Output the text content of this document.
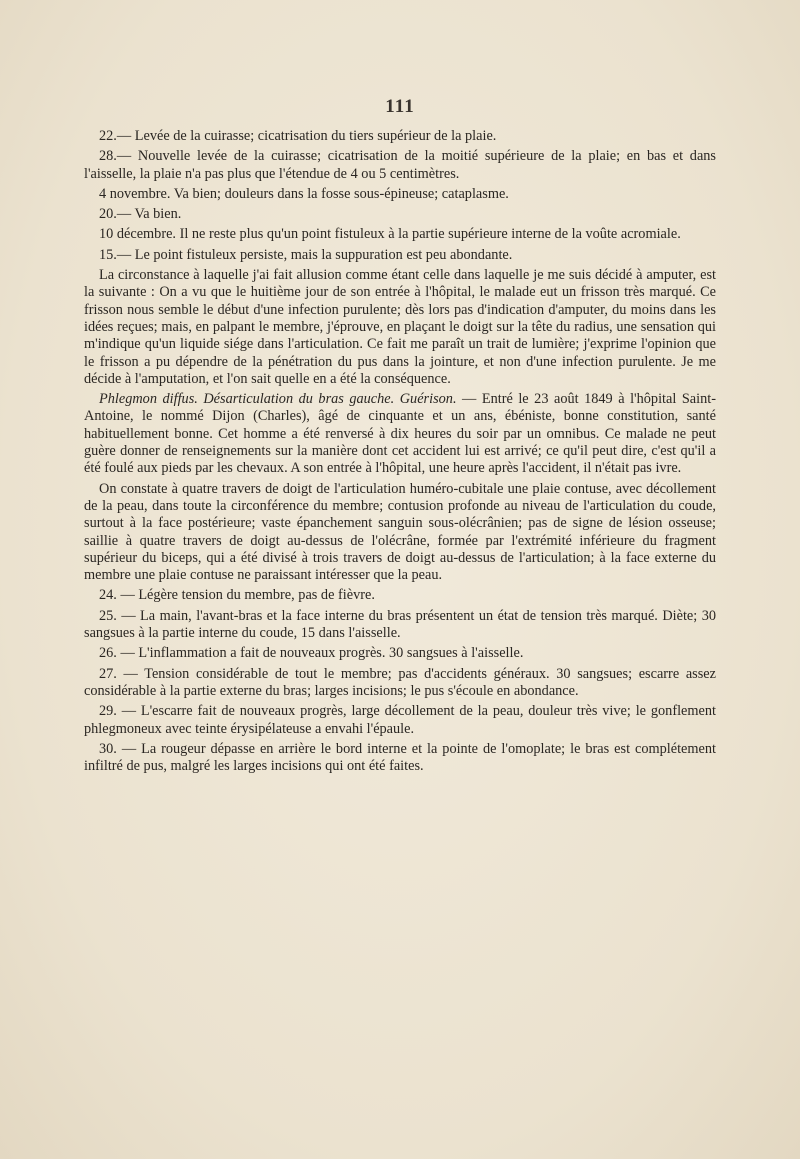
111

22.— Levée de la cuirasse; cicatrisation du tiers supérieur de la plaie.

28.— Nouvelle levée de la cuirasse; cicatrisation de la moitié supérieure de la plaie; en bas et dans l'aisselle, la plaie n'a pas plus que l'étendue de 4 ou 5 centimètres.

4 novembre. Va bien; douleurs dans la fosse sous-épineuse; cataplasme.

20.— Va bien.

10 décembre. Il ne reste plus qu'un point fistuleux à la partie supérieure interne de la voûte acromiale.

15.— Le point fistuleux persiste, mais la suppuration est peu abondante.

La circonstance à laquelle j'ai fait allusion comme étant celle dans laquelle je me suis décidé à amputer, est la suivante : On a vu que le huitième jour de son entrée à l'hôpital, le malade eut un frisson très marqué. Ce frisson nous semble le début d'une infection purulente; dès lors pas d'indication d'amputer, du moins dans les idées reçues; mais, en palpant le membre, j'éprouve, en plaçant le doigt sur la tête du radius, une sensation qui m'indique qu'un liquide siége dans l'articulation. Ce fait me paraît un trait de lumière; j'exprime l'opinion que le frisson a pu dépendre de la pénétration du pus dans la jointure, et non d'une infection purulente. Je me décide à l'amputation, et l'on sait quelle en a été la conséquence.

Phlegmon diffus. Désarticulation du bras gauche. Guérison. — Entré le 23 août 1849 à l'hôpital Saint-Antoine, le nommé Dijon (Charles), âgé de cinquante et un ans, ébéniste, bonne constitution, santé habituellement bonne. Cet homme a été renversé à dix heures du soir par un omnibus. Ce malade ne peut guère donner de renseignements sur la manière dont cet accident lui est arrivé; ce qu'il peut dire, c'est qu'il a été foulé aux pieds par les chevaux. A son entrée à l'hôpital, une heure après l'accident, il n'était pas ivre.

On constate à quatre travers de doigt de l'articulation huméro-cubitale une plaie contuse, avec décollement de la peau, dans toute la circonférence du membre; contusion profonde au niveau de l'articulation du coude, surtout à la face postérieure; vaste épanchement sanguin sous-olécrânien; pas de signe de lésion osseuse; saillie à quatre travers de doigt au-dessus de l'olécrâne, formée par l'extrémité inférieure du fragment supérieur du biceps, qui a été divisé à trois travers de doigt au-dessus de l'articulation; à la face externe du membre une plaie contuse ne paraissant intéresser que la peau.

24. — Légère tension du membre, pas de fièvre.

25. — La main, l'avant-bras et la face interne du bras présentent un état de tension très marqué. Diète; 30 sangsues à la partie interne du coude, 15 dans l'aisselle.

26. — L'inflammation a fait de nouveaux progrès. 30 sangsues à l'aisselle.

27. — Tension considérable de tout le membre; pas d'accidents généraux. 30 sangsues; escarre assez considérable à la partie externe du bras; larges incisions; le pus s'écoule en abondance.

29. — L'escarre fait de nouveaux progrès, large décollement de la peau, douleur très vive; le gonflement phlegmoneux avec teinte érysipélateuse a envahi l'épaule.

30. — La rougeur dépasse en arrière le bord interne et la pointe de l'omoplate; le bras est complétement infiltré de pus, malgré les larges incisions qui ont été faites.
